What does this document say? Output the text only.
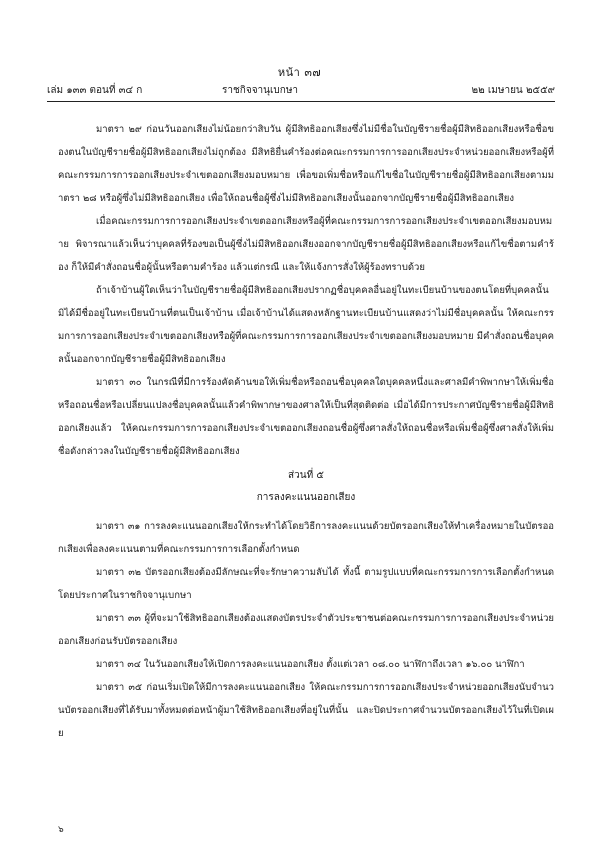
หน้า ๓๗
เล่ม ๑๓๓ ตอนที่ ๓๔ ก	ราชกิจจานุเบกษา	๒๒ เมษายน ๒๕๕๙

มาตรา ๒๙ ก่อนวันออกเสียงไม่น้อยกว่าสิบวัน ผู้มีสิทธิออกเสียงซึ่งไม่มีชื่อในบัญชีรายชื่อผู้มีสิทธิออกเสียงหรือชื่อของตนในบัญชีรายชื่อผู้มีสิทธิออกเสียงไม่ถูกต้อง มีสิทธิยื่นคำร้องต่อคณะกรรมการการออกเสียงประจำหน่วยออกเสียงหรือผู้ที่คณะกรรมการการออกเสียงประจำเขตออกเสียงมอบหมาย เพื่อขอเพิ่มชื่อหรือแก้ไขชื่อในบัญชีรายชื่อผู้มีสิทธิออกเสียงตามมาตรา ๒๘ หรือผู้ซึ่งไม่มีสิทธิออกเสียง เพื่อให้ถอนชื่อผู้ซึ่งไม่มีสิทธิออกเสียงนั้นออกจากบัญชีรายชื่อผู้มีสิทธิออกเสียง

เมื่อคณะกรรมการการออกเสียงประจำเขตออกเสียงหรือผู้ที่คณะกรรมการการออกเสียงประจำเขตออกเสียงมอบหมาย พิจารณาแล้วเห็นว่าบุคคลที่ร้องขอเป็นผู้ซึ่งไม่มีสิทธิออกเสียงออกจากบัญชีรายชื่อผู้มีสิทธิออกเสียงหรือแก้ไขชื่อตามคำร้อง ก็ให้มีคำสั่งถอนชื่อผู้นั้นหรือตามคำร้อง แล้วแต่กรณี และให้แจ้งการสั่งให้ผู้ร้องทราบด้วย

ถ้าเจ้าบ้านผู้ใดเห็นว่าในบัญชีรายชื่อผู้มีสิทธิออกเสียงปรากฏชื่อบุคคลอื่นอยู่ในทะเบียนบ้านของตนโดยที่บุคคลนั้นมิได้มีชื่ออยู่ในทะเบียนบ้านที่ตนเป็นเจ้าบ้าน เมื่อเจ้าบ้านได้แสดงหลักฐานทะเบียนบ้านแสดงว่าไม่มีชื่อบุคคลนั้น ให้คณะกรรมการการออกเสียงประจำเขตออกเสียงหรือผู้ที่คณะกรรมการการออกเสียงประจำเขตออกเสียงมอบหมาย มีคำสั่งถอนชื่อบุคคลนั้นออกจากบัญชีรายชื่อผู้มีสิทธิออกเสียง

มาตรา ๓๐ ในกรณีที่มีการร้องคัดค้านขอให้เพิ่มชื่อหรือถอนชื่อบุคคลใดบุคคลหนึ่งและศาลมีคำพิพากษาให้เพิ่มชื่อหรือถอนชื่อหรือเปลี่ยนแปลงชื่อบุคคลนั้นแล้วคำพิพากษาของศาลให้เป็นที่สุดติดต่อ เมื่อได้มีการประกาศบัญชีรายชื่อผู้มีสิทธิออกเสียงแล้ว ให้คณะกรรมการการออกเสียงประจำเขตออกเสียงถอนชื่อผู้ซึ่งศาลสั่งให้ถอนชื่อหรือเพิ่มชื่อผู้ซึ่งศาลสั่งให้เพิ่มชื่อดังกล่าวลงในบัญชีรายชื่อผู้มีสิทธิออกเสียง

ส่วนที่ ๕
การลงคะแนนออกเสียง

มาตรา ๓๑ การลงคะแนนออกเสียงให้กระทำได้โดยวิธีการลงคะแนนด้วยบัตรออกเสียงให้ทำเครื่องหมายในบัตรออกเสียงเพื่อลงคะแนนตามที่คณะกรรมการการเลือกตั้งกำหนด

มาตรา ๓๒ บัตรออกเสียงต้องมีลักษณะที่จะรักษาความลับได้ ทั้งนี้ ตามรูปแบบที่คณะกรรมการการเลือกตั้งกำหนดโดยประกาศในราชกิจจานุเบกษา

มาตรา ๓๓ ผู้ที่จะมาใช้สิทธิออกเสียงต้องแสดงบัตรประจำตัวประชาชนต่อคณะกรรมการการออกเสียงประจำหน่วยออกเสียงก่อนรับบัตรออกเสียง

มาตรา ๓๔ ในวันออกเสียงให้เปิดการลงคะแนนออกเสียง ตั้งแต่เวลา ๐๘.๐๐ นาฬิกาถึงเวลา ๑๖.๐๐ นาฬิกา

มาตรา ๓๕ ก่อนเริ่มเปิดให้มีการลงคะแนนออกเสียง ให้คณะกรรมการการออกเสียงประจำหน่วยออกเสียงนับจำนวนบัตรออกเสียงที่ได้รับมาทั้งหมดต่อหน้าผู้มาใช้สิทธิออกเสียงที่อยู่ในที่นั้น และปิดประกาศจำนวนบัตรออกเสียงไว้ในที่เปิดเผย

๖
